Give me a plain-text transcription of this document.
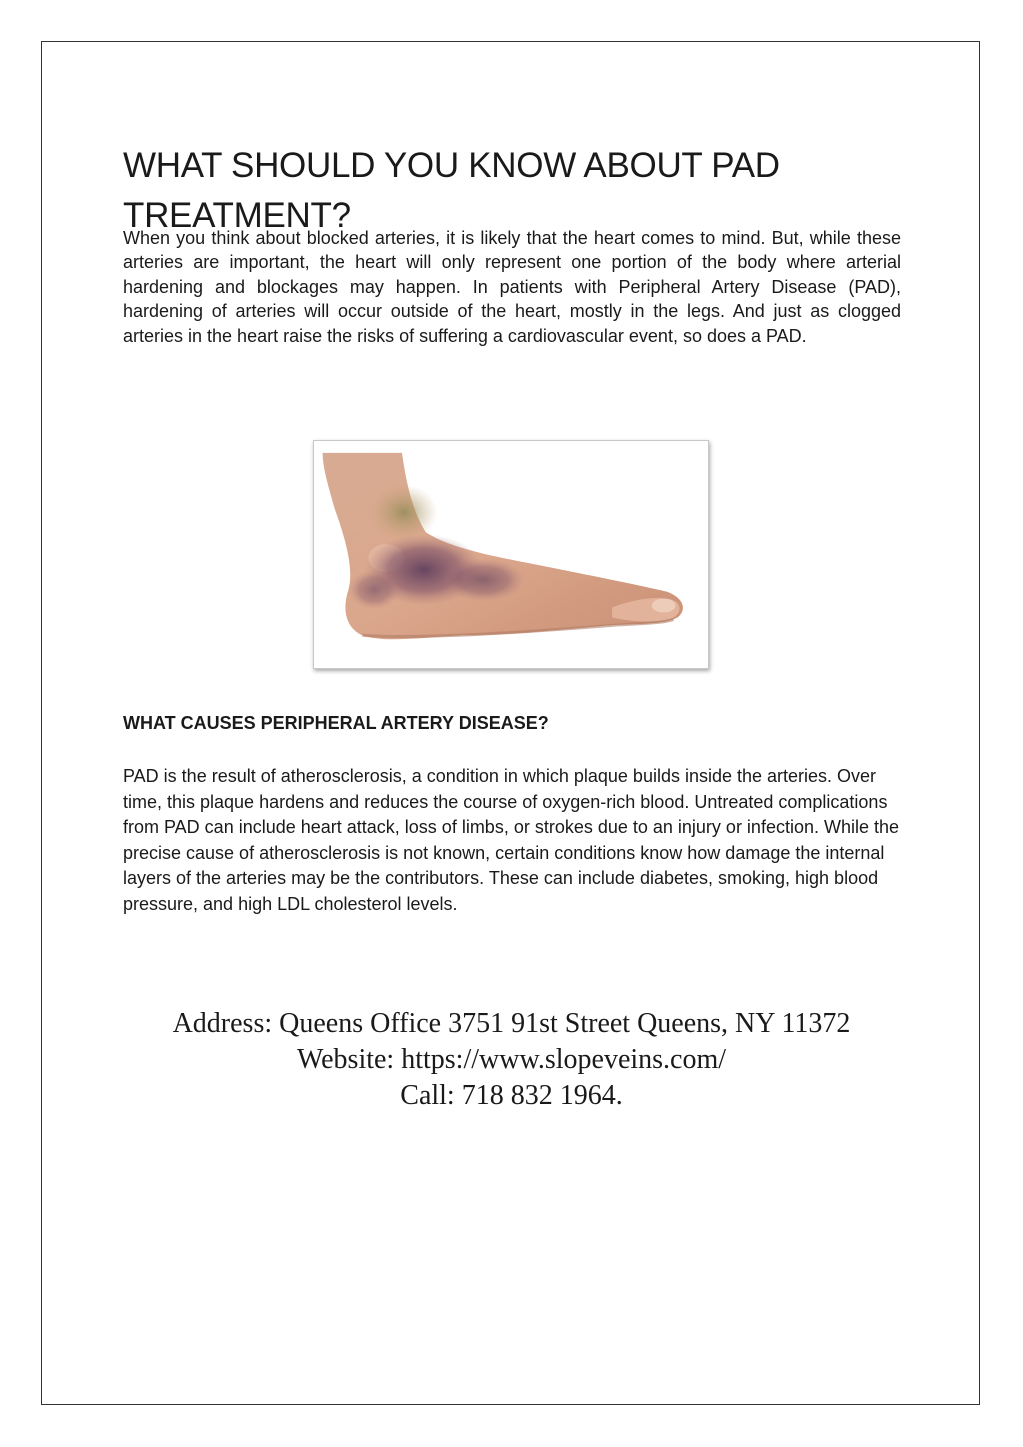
WHAT SHOULD YOU KNOW ABOUT PAD TREATMENT?

When you think about blocked arteries, it is likely that the heart comes to mind. But, while these arteries are important, the heart will only represent one portion of the body where arterial hardening and blockages may happen. In patients with Peripheral Artery Disease (PAD), hardening of arteries will occur outside of the heart, mostly in the legs. And just as clogged arteries in the heart raise the risks of suffering a cardiovascular event, so does a PAD.

WHAT CAUSES PERIPHERAL ARTERY DISEASE?

PAD is the result of atherosclerosis, a condition in which plaque builds inside the arteries. Over time, this plaque hardens and reduces the course of oxygen-rich blood. Untreated complications from PAD can include heart attack, loss of limbs, or strokes due to an injury or infection. While the precise cause of atherosclerosis is not known, certain conditions know how damage the internal layers of the arteries may be the contributors. These can include diabetes, smoking, high blood pressure, and high LDL cholesterol levels.

Address: Queens Office 3751 91st Street Queens, NY 11372
Website: https://www.slopeveins.com/
Call: 718 832 1964.
